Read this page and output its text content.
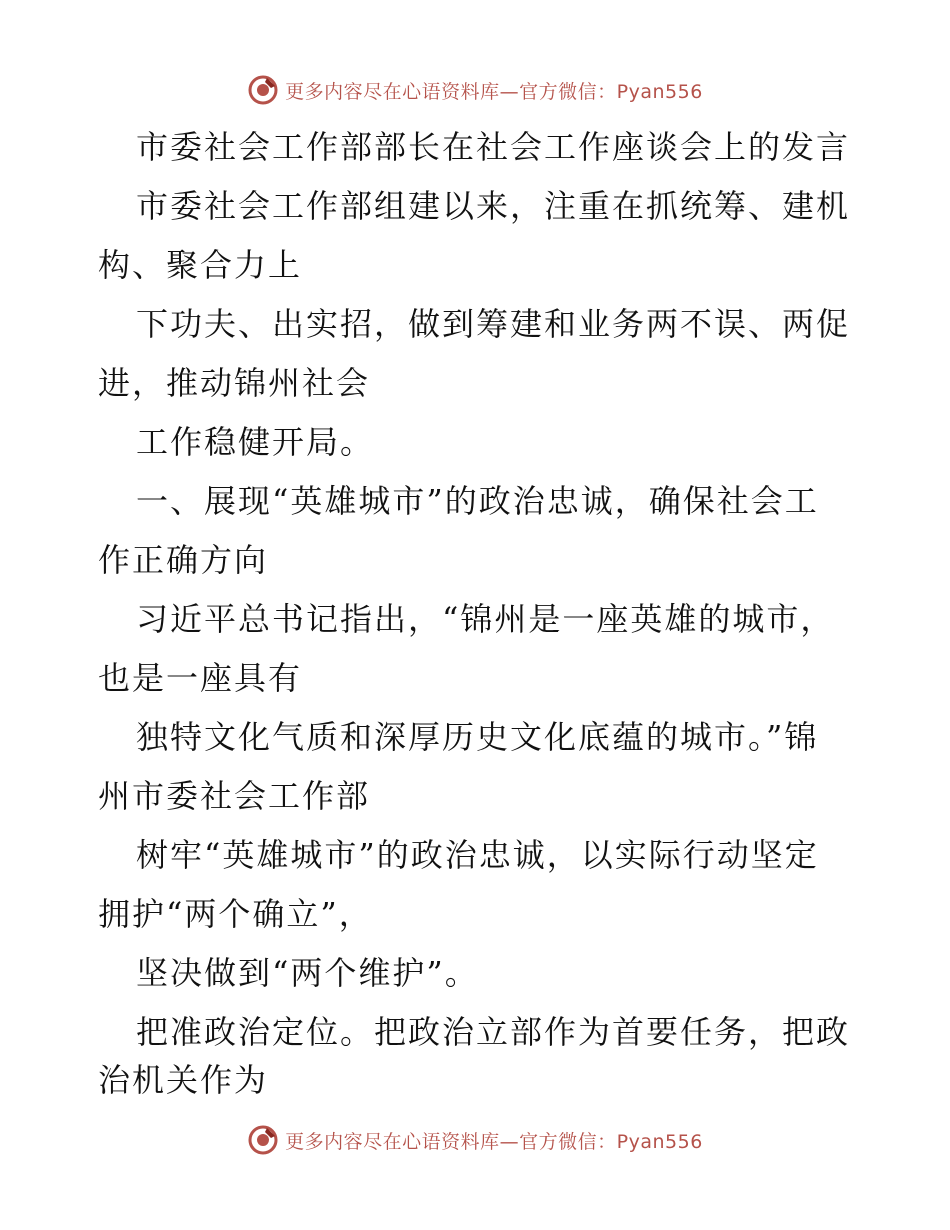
更多内容尽在心语资料库—官方微信：Pyan556
市委社会工作部部长在社会工作座谈会上的发言
市委社会工作部组建以来，注重在抓统筹、建机
构、聚合力上
下功夫、出实招，做到筹建和业务两不误、两促
进，推动锦州社会
工作稳健开局。
一、展现“英雄城市”的政治忠诚，确保社会工
作正确方向
习近平总书记指出，“锦州是一座英雄的城市，
也是一座具有
独特文化气质和深厚历史文化底蕴的城市。”锦
州市委社会工作部
树牢“英雄城市”的政治忠诚，以实际行动坚定
拥护“两个确立”，
坚决做到“两个维护”。
把准政治定位。把政治立部作为首要任务，把政
治机关作为
更多内容尽在心语资料库—官方微信：Pyan556
